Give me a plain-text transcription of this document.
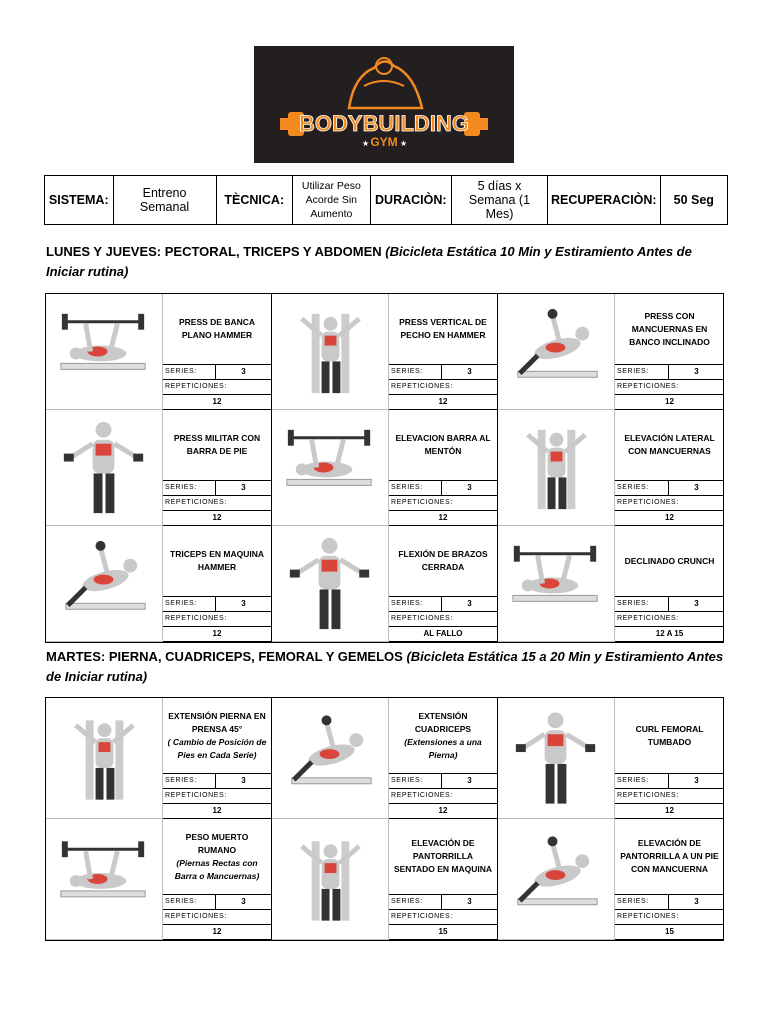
BODYBUILDING
GYM
★	★
SISTEMA:	Entreno Semanal	TÈCNICA:	Utilizar Peso Acorde Sin Aumento	DURACIÒN:	5 días x Semana (1 Mes)	RECUPERACIÒN:	50 Seg
LUNES Y JUEVES: PECTORAL, TRICEPS Y ABDOMEN (Bicicleta Estática 10 Min y Estiramiento Antes de Iniciar rutina)
PRESS DE BANCA PLANO HAMMER
SERIES:	3
REPETICIONES:
12
PRESS VERTICAL DE PECHO EN HAMMER
SERIES:	3
REPETICIONES:
12
PRESS CON MANCUERNAS EN BANCO INCLINADO
SERIES:	3
REPETICIONES:
12
PRESS MILITAR CON BARRA DE PIE
SERIES:	3
REPETICIONES:
12
ELEVACION BARRA AL MENTÓN
SERIES:	3
REPETICIONES:
12
ELEVACIÓN LATERAL CON MANCUERNAS
SERIES:	3
REPETICIONES:
12
TRICEPS EN MAQUINA HAMMER
SERIES:	3
REPETICIONES:
12
FLEXIÓN DE BRAZOS CERRADA
SERIES:	3
REPETICIONES:
AL FALLO
DECLINADO CRUNCH
SERIES:	3
REPETICIONES:
12 A 15
MARTES: PIERNA, CUADRICEPS, FEMORAL Y GEMELOS (Bicicleta Estática 15 a 20 Min y Estiramiento Antes de Iniciar rutina)
EXTENSIÓN PIERNA EN PRENSA 45°
( Cambio de Posición de Pies en Cada Serie)
SERIES:	3
REPETICIONES:
12
EXTENSIÓN CUADRICEPS
(Extensiones a una Pierna)
SERIES:	3
REPETICIONES:
12
CURL FEMORAL TUMBADO
SERIES:	3
REPETICIONES:
12
PESO MUERTO RUMANO
(Piernas Rectas con Barra o Mancuernas)
SERIES:	3
REPETICIONES:
12
ELEVACIÓN DE PANTORRILLA SENTADO EN MAQUINA
SERIES:	3
REPETICIONES:
15
ELEVACIÓN DE PANTORRILLA A UN PIE CON MANCUERNA
SERIES:	3
REPETICIONES:
15
